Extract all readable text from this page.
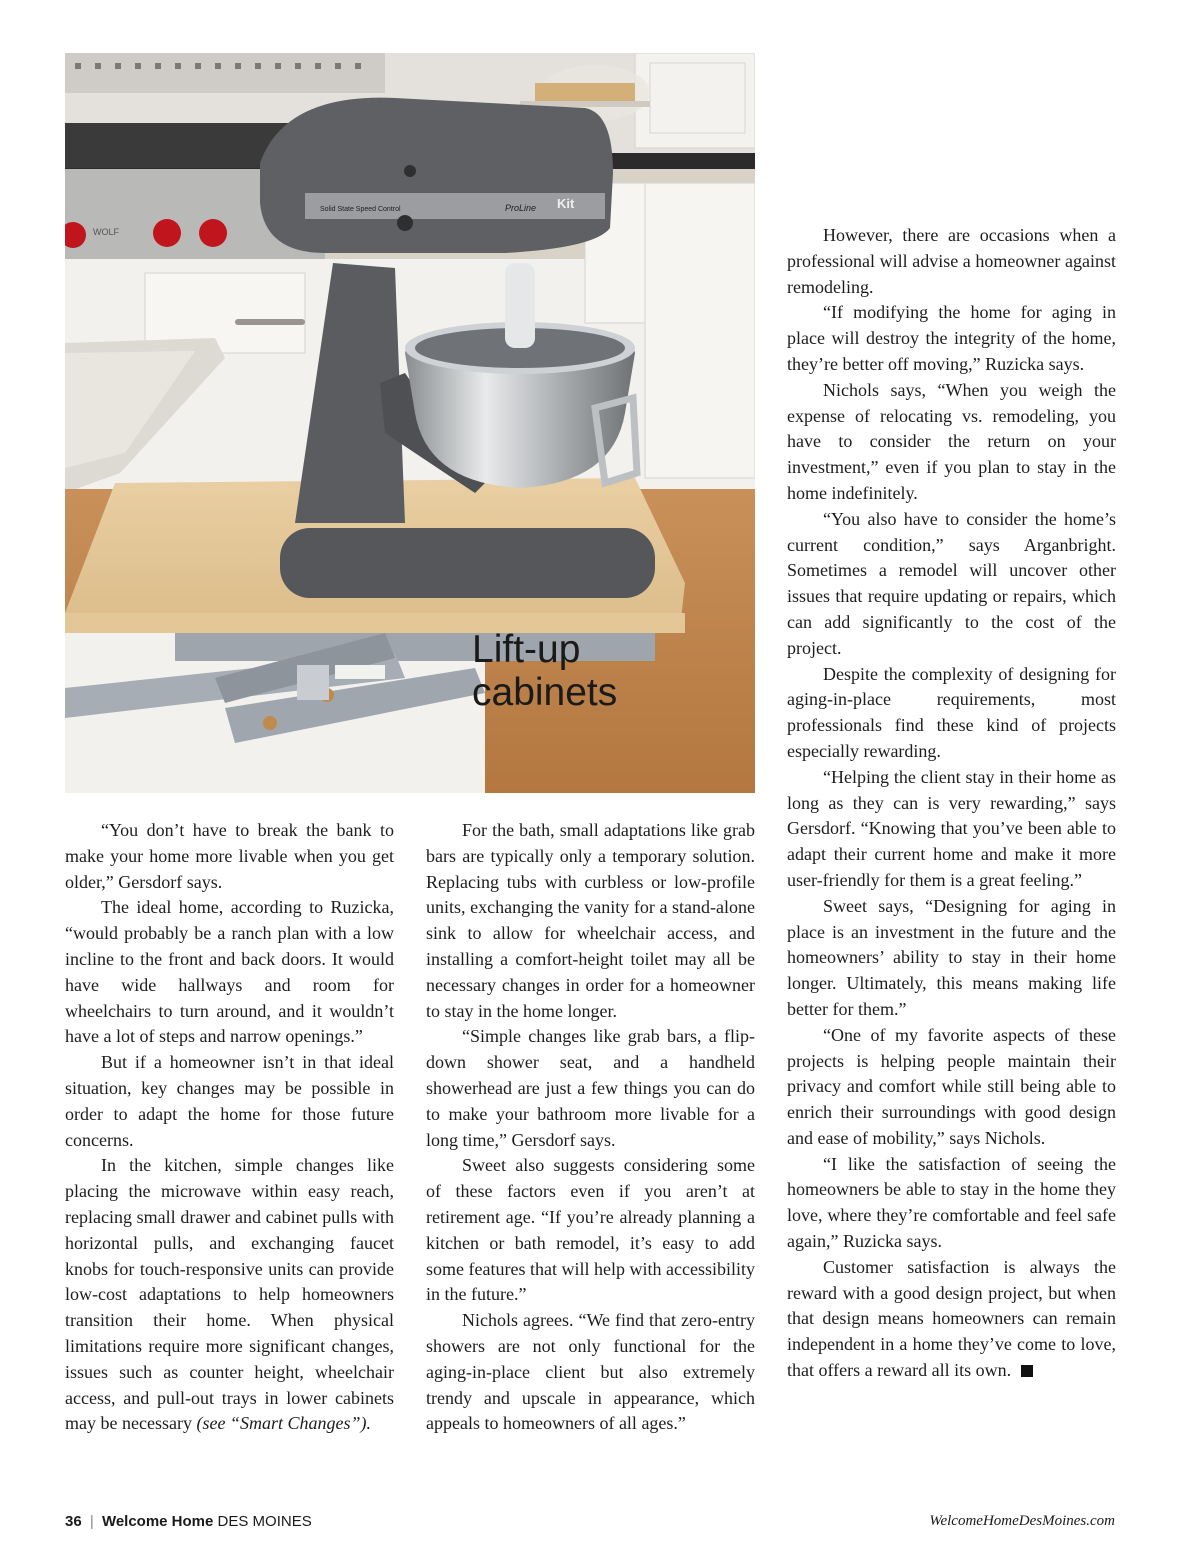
WOLF
Solid State Speed Control	ProLine Kit
Lift-up
cabinets

“You don’t have to break the bank to make your home more livable when you get older,” Gersdorf says.

The ideal home, according to Ruzicka, “would probably be a ranch plan with a low incline to the front and back doors. It would have wide hallways and room for wheelchairs to turn around, and it wouldn’t have a lot of steps and narrow openings.”

But if a homeowner isn’t in that ideal situation, key changes may be possible in order to adapt the home for those future concerns.

In the kitchen, simple changes like placing the microwave within easy reach, replacing small drawer and cabinet pulls with horizontal pulls, and exchanging faucet knobs for touch-responsive units can provide low-cost adaptations to help homeowners transition their home. When physical limitations require more significant changes, issues such as counter height, wheelchair access, and pull-out trays in lower cabinets may be necessary (see “Smart Changes”).

For the bath, small adaptations like grab bars are typically only a temporary solution. Replacing tubs with curbless or low-profile units, exchanging the vanity for a stand-alone sink to allow for wheelchair access, and installing a comfort-height toilet may all be necessary changes in order for a homeowner to stay in the home longer.

“Simple changes like grab bars, a flip-down shower seat, and a handheld showerhead are just a few things you can do to make your bathroom more livable for a long time,” Gersdorf says.

Sweet also suggests considering some of these factors even if you aren’t at retirement age. “If you’re already planning a kitchen or bath remodel, it’s easy to add some features that will help with accessibility in the future.”

Nichols agrees. “We find that zero-entry showers are not only functional for the aging-in-place client but also extremely trendy and upscale in appearance, which appeals to homeowners of all ages.”

However, there are occasions when a professional will advise a homeowner against remodeling.

“If modifying the home for aging in place will destroy the integrity of the home, they’re better off moving,” Ruzicka says.

Nichols says, “When you weigh the expense of relocating vs. remodeling, you have to consider the return on your investment,” even if you plan to stay in the home indefinitely.

“You also have to consider the home’s current condition,” says Arganbright. Sometimes a remodel will uncover other issues that require updating or repairs, which can add significantly to the cost of the project.

Despite the complexity of designing for aging-in-place requirements, most professionals find these kind of projects especially rewarding.

“Helping the client stay in their home as long as they can is very rewarding,” says Gersdorf. “Knowing that you’ve been able to adapt their current home and make it more user-friendly for them is a great feeling.”

Sweet says, “Designing for aging in place is an investment in the future and the homeowners’ ability to stay in their home longer. Ultimately, this means making life better for them.”

“One of my favorite aspects of these projects is helping people maintain their privacy and comfort while still being able to enrich their surroundings with good design and ease of mobility,” says Nichols.

“I like the satisfaction of seeing the homeowners be able to stay in the home they love, where they’re comfortable and feel safe again,” Ruzicka says.

Customer satisfaction is always the reward with a good design project, but when that design means homeowners can remain independent in a home they’ve come to love, that offers a reward all its own.

36 | Welcome Home DES MOINES	WelcomeHomeDesMoines.com
